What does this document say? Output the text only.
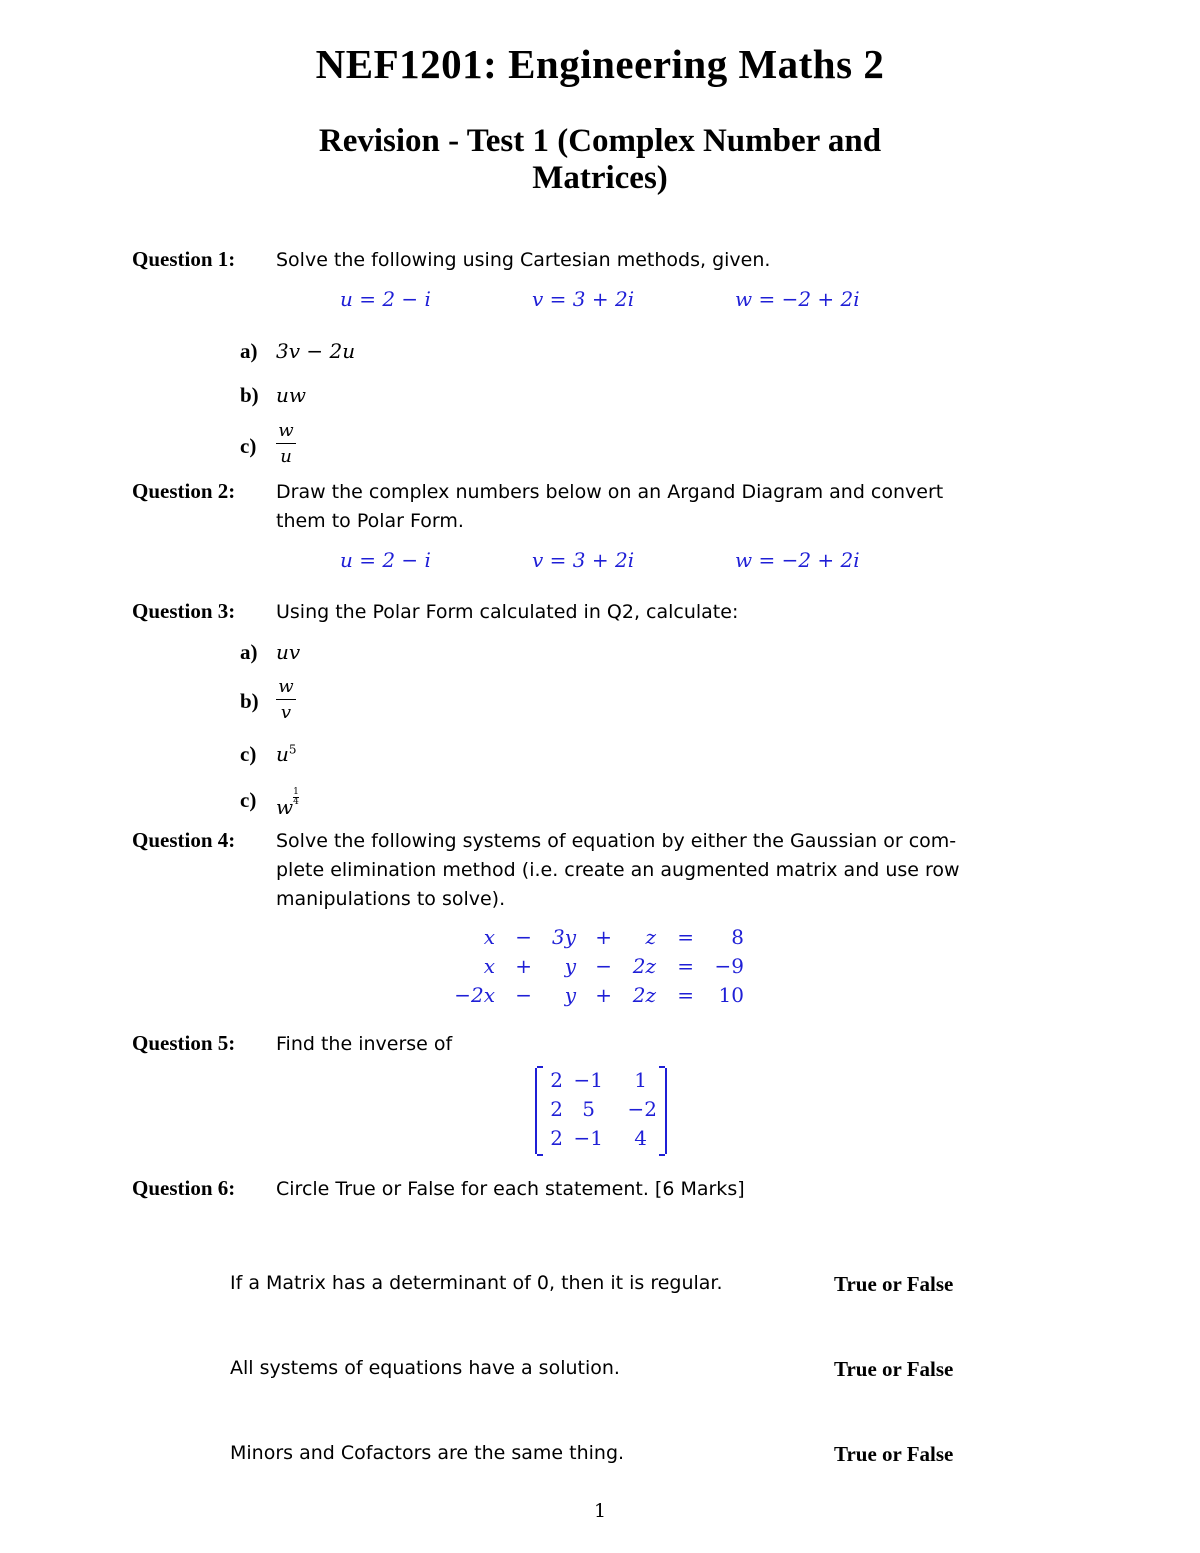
NEF1201: Engineering Maths 2
Revision - Test 1 (Complex Number and
Matrices)
Question 1: Solve the following using Cartesian methods, given.
u = 2 − i	v = 3 + 2i	w = −2 + 2i
a) 3v − 2u
b) uw
c)
w
u
Question 2: Draw the complex numbers below on an Argand Diagram and convert
them to Polar Form.
u = 2 − i	v = 3 + 2i	w = −2 + 2i
Question 3: Using the Polar Form calculated in Q2, calculate:
a) uv
b)
w
v
c) $u^5$
c) w $\frac{1}{4}$
Question 4: Solve the following systems of equation by either the Gaussian or com-
plete elimination method (i.e. create an augmented matrix and use row
manipulations to solve).
x − 3y +	z =	8
x +	y −	2z =	−9
−2x −	y +	2z =	10
Question 5: Find the inverse of
2 −1	1
2 5 −2
2 −1	4
Question 6: Circle True or False for each statement. [6 Marks]
If a Matrix has a determinant of 0, then it is regular.	True or False
All systems of equations have a solution.	True or False
Minors and Cofactors are the same thing.	True or False
1
